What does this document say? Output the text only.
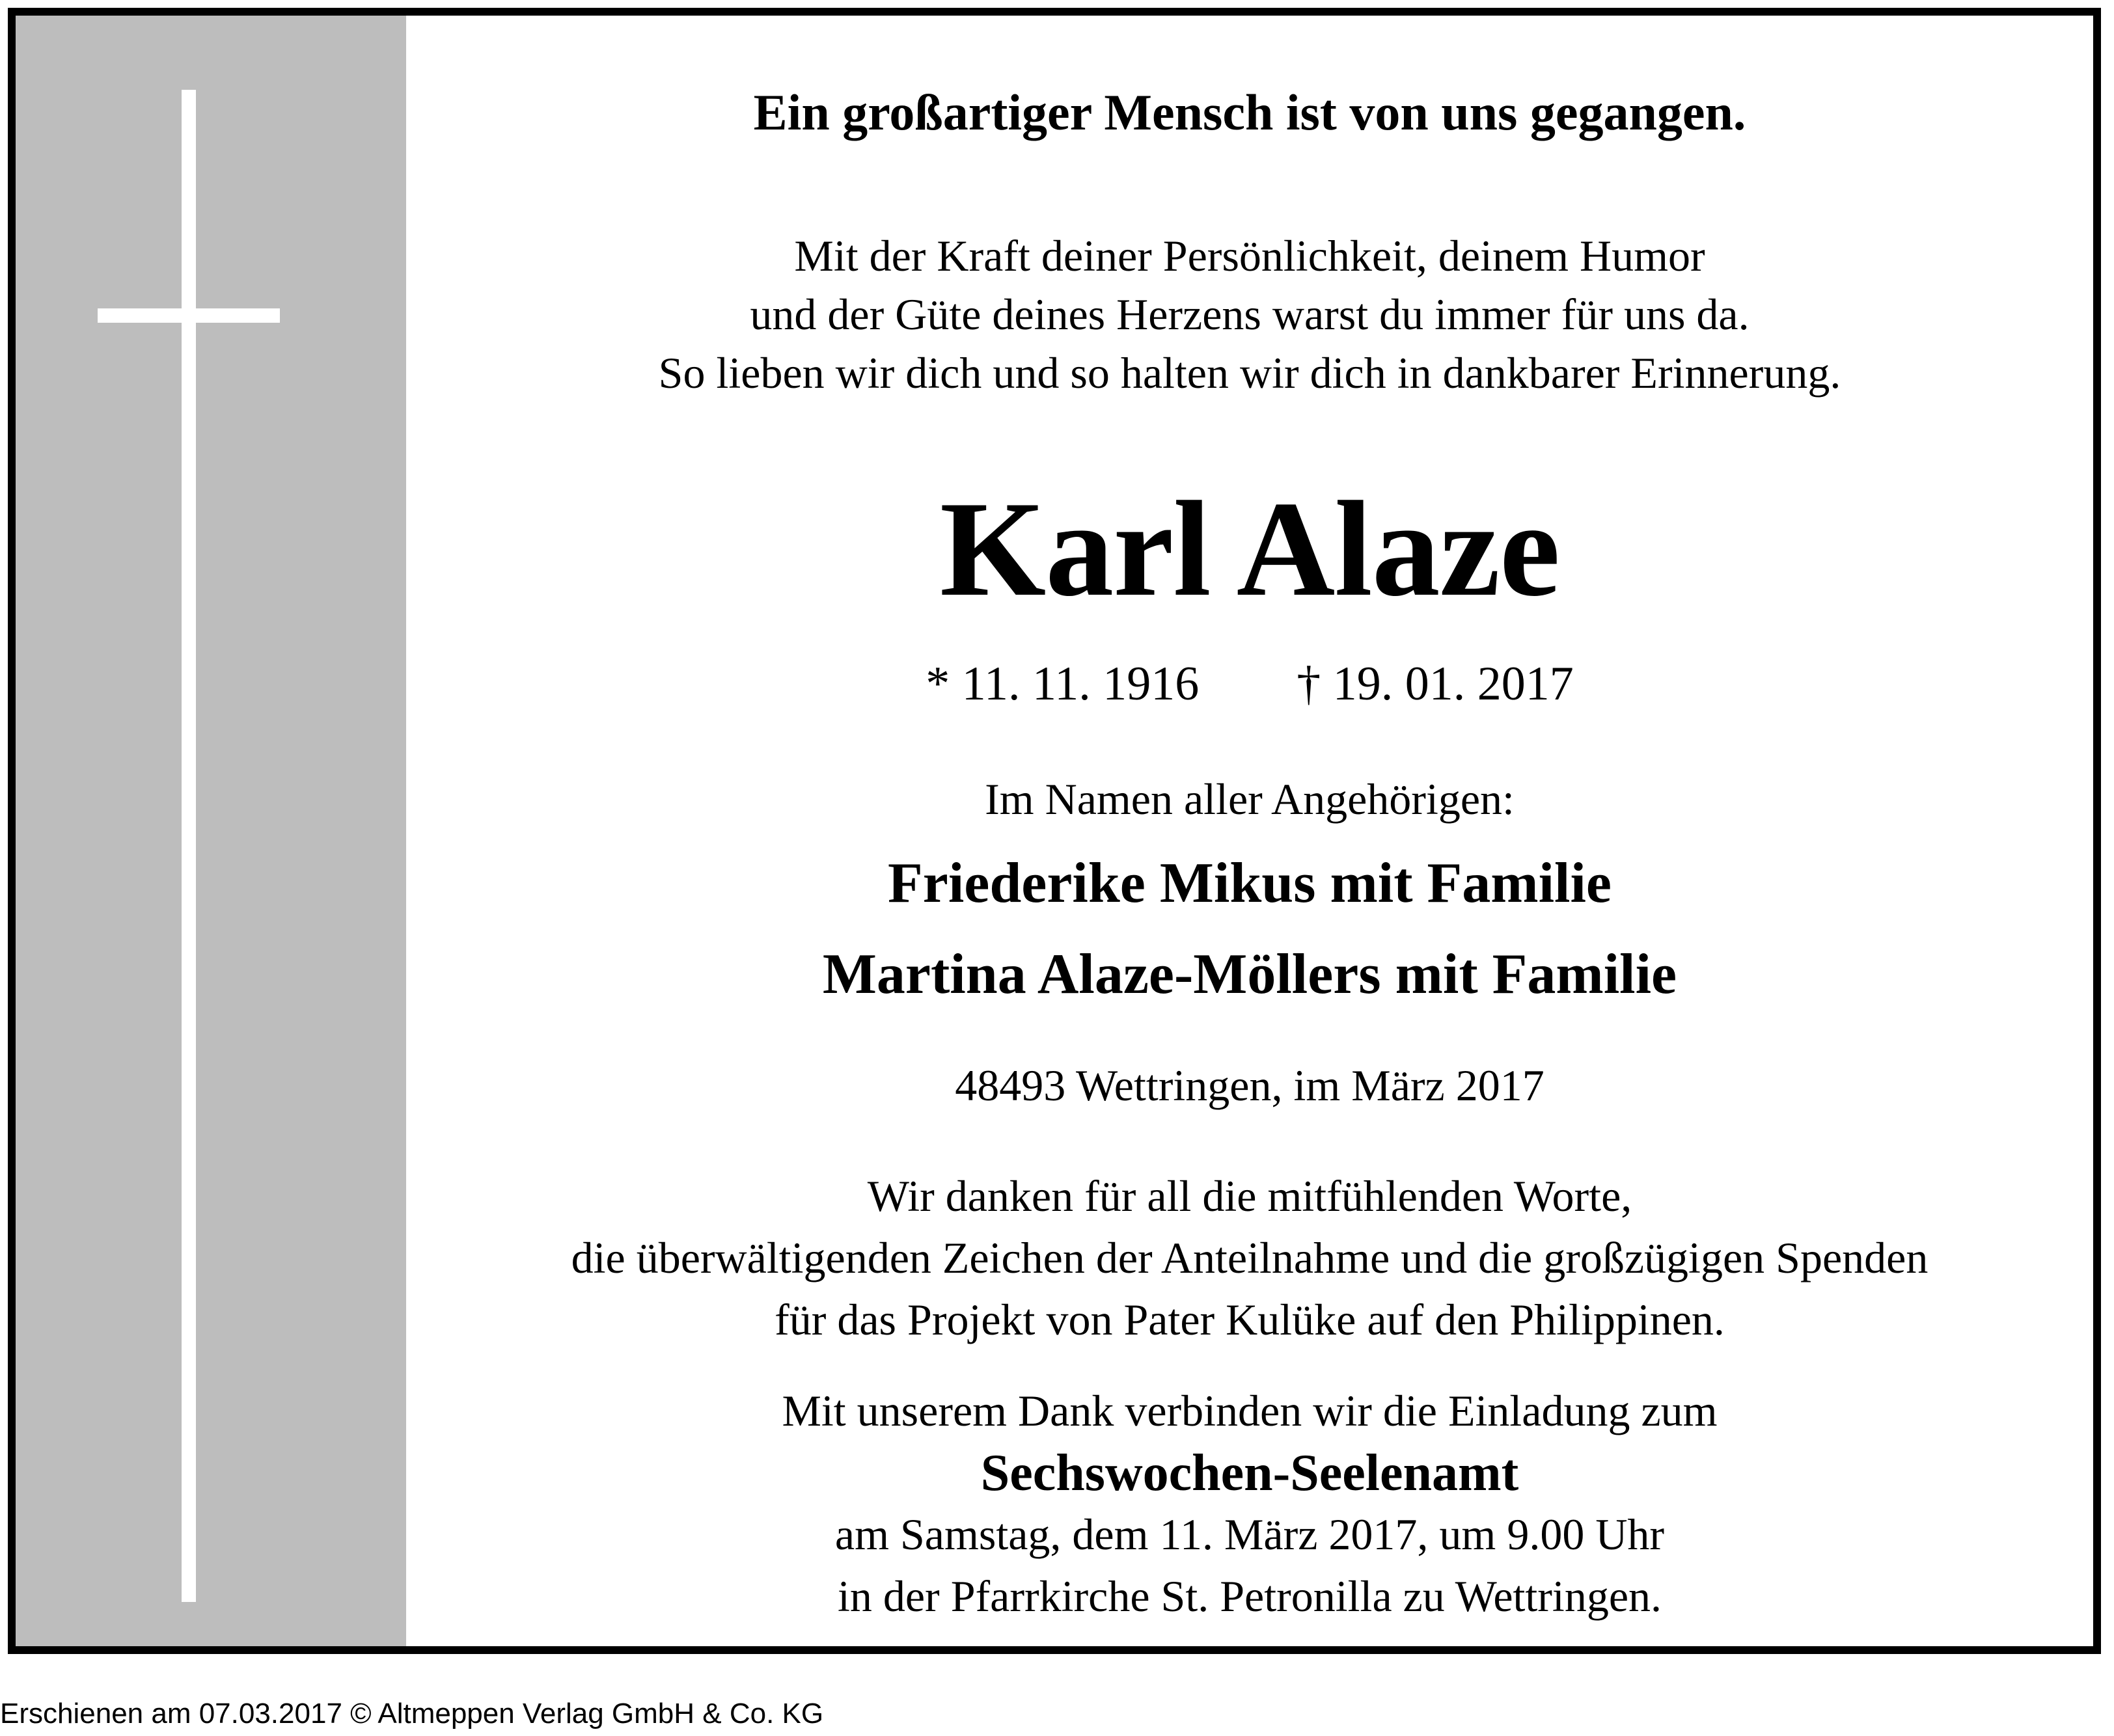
Ein großartiger Mensch ist von uns gegangen.
Mit der Kraft deiner Persönlichkeit, deinem Humor
und der Güte deines Herzens warst du immer für uns da.
So lieben wir dich und so halten wir dich in dankbarer Erinnerung.
Karl Alaze
* 11. 11. 1916 † 19. 01. 2017
Im Namen aller Angehörigen:
Friederike Mikus mit Familie
Martina Alaze-Möllers mit Familie
48493 Wettringen, im März 2017
Wir danken für all die mitfühlenden Worte,
die überwältigenden Zeichen der Anteilnahme und die großzügigen Spenden
für das Projekt von Pater Kulüke auf den Philippinen.
Mit unserem Dank verbinden wir die Einladung zum
Sechswochen-Seelenamt
am Samstag, dem 11. März 2017, um 9.00 Uhr
in der Pfarrkirche St. Petronilla zu Wettringen.
Erschienen am 07.03.2017 © Altmeppen Verlag GmbH & Co. KG
